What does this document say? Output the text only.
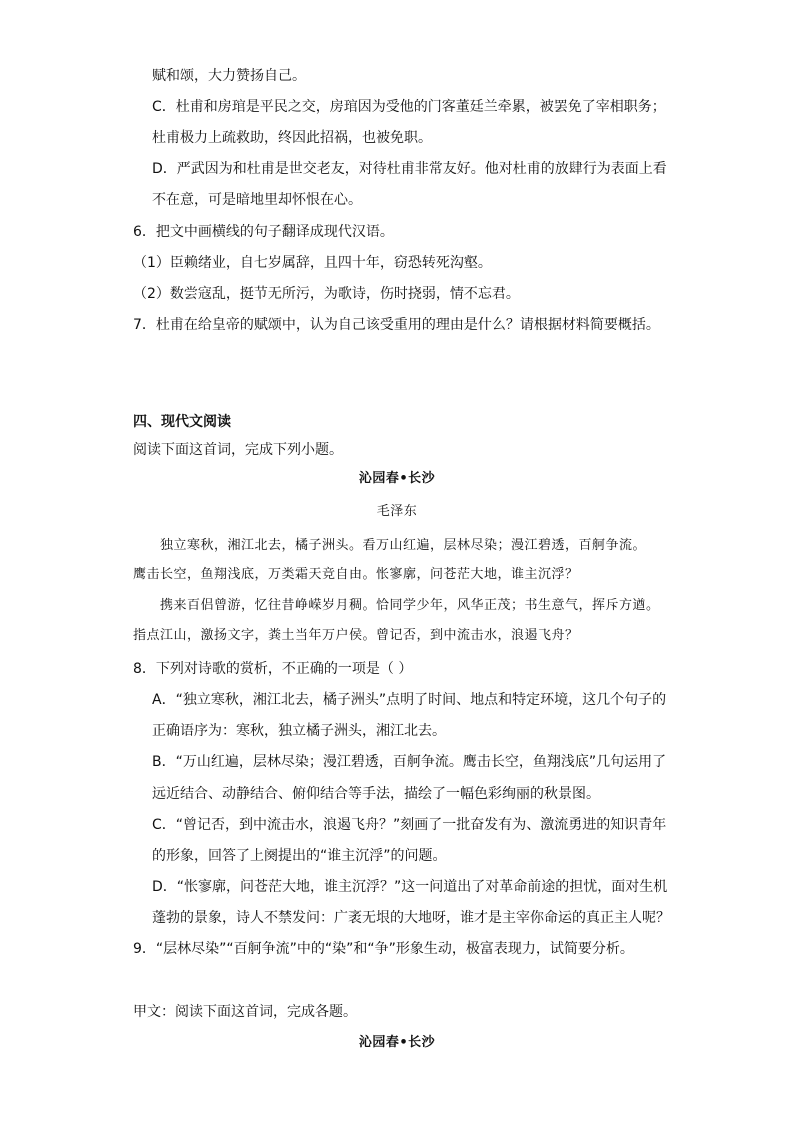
赋和颂，大力赞扬自己。
C．杜甫和房琯是平民之交，房琯因为受他的门客董廷兰牵累，被罢免了宰相职务；
杜甫极力上疏救助，终因此招祸，也被免职。
D．严武因为和杜甫是世交老友，对待杜甫非常友好。他对杜甫的放肆行为表面上看
不在意，可是暗地里却怀恨在心。
6．把文中画横线的句子翻译成现代汉语。
（1）臣赖绪业，自七岁属辞，且四十年，窃恐转死沟壑。
（2）数尝寇乱，挺节无所污，为歌诗，伤时挠弱，情不忘君。
7．杜甫在给皇帝的赋颂中，认为自己该受重用的理由是什么？请根据材料简要概括。
四、现代文阅读
阅读下面这首词，完成下列小题。
沁园春•长沙
毛泽东
独立寒秋，湘江北去，橘子洲头。看万山红遍，层林尽染；漫江碧透，百舸争流。
鹰击长空，鱼翔浅底，万类霜天竞自由。怅寥廓，问苍茫大地，谁主沉浮？
携来百侣曾游，忆往昔峥嵘岁月稠。恰同学少年，风华正茂；书生意气，挥斥方遒。
指点江山，激扬文字，粪土当年万户侯。曾记否，到中流击水，浪遏飞舟？
8．下列对诗歌的赏析，不正确的一项是（ ）
A．“独立寒秋，湘江北去，橘子洲头”点明了时间、地点和特定环境，这几个句子的
正确语序为：寒秋，独立橘子洲头，湘江北去。
B．“万山红遍，层林尽染；漫江碧透，百舸争流。鹰击长空，鱼翔浅底”几句运用了
远近结合、动静结合、俯仰结合等手法，描绘了一幅色彩绚丽的秋景图。
C．“曾记否，到中流击水，浪遏飞舟？”刻画了一批奋发有为、激流勇进的知识青年
的形象，回答了上阕提出的“谁主沉浮”的问题。
D．“怅寥廓，问苍茫大地，谁主沉浮？”这一问道出了对革命前途的担忧，面对生机
蓬勃的景象，诗人不禁发问：广袤无垠的大地呀，谁才是主宰你命运的真正主人呢？
9．“层林尽染”“百舸争流”中的“染”和“争”形象生动，极富表现力，试简要分析。
甲文：阅读下面这首词，完成各题。
沁园春•长沙
